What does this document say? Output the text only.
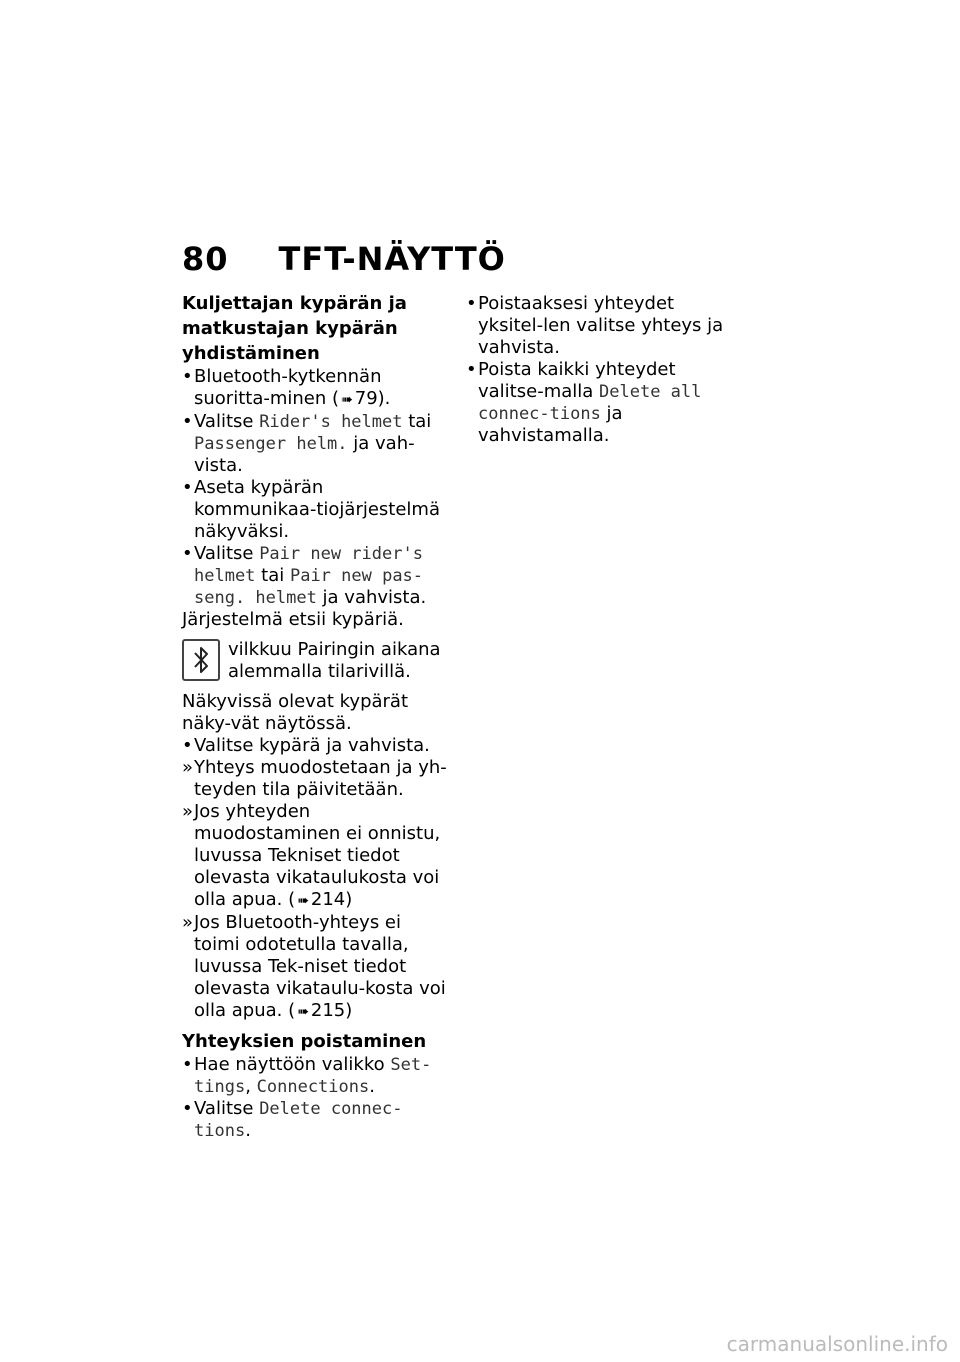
80 TFT-NÄYTTÖ
Kuljettajan kypärän ja matkustajan kypärän yhdistäminen
• Bluetooth-kytkennän suoritta-minen ( ➠ 79).
• Valitse Rider's helmet tai Passenger helm. ja vah-vista.
• Aseta kypärän kommunikaa-tiojärjestelmä näkyväksi.
• Valitse Pair new rider's helmet tai Pair new pas-seng. helmet ja vahvista.

Järjestelmä etsii kypäriä.

vilkkuu Pairingin aikana alemmalla tilarivillä.

Näkyvissä olevat kypärät näky-vät näytössä.

• Valitse kypärä ja vahvista.
» Yhteys muodostetaan ja yh-teyden tila päivitetään.
» Jos yhteyden muodostaminen ei onnistu, luvussa Tekniset tiedot olevasta vikataulukosta voi olla apua. ( ➠ 214)
» Jos Bluetooth-yhteys ei toimi odotetulla tavalla, luvussa Tek-niset tiedot olevasta vikataulu-kosta voi olla apua. ( ➠ 215)
Yhteyksien poistaminen
• Hae näyttöön valikko Set-tings, Connections.
• Valitse Delete connec-tions.
• Poistaaksesi yhteydet yksitel-len valitse yhteys ja vahvista.
• Poista kaikki yhteydet valitse-malla Delete all connec-tions ja vahvistamalla.
carmanualsonline.info
